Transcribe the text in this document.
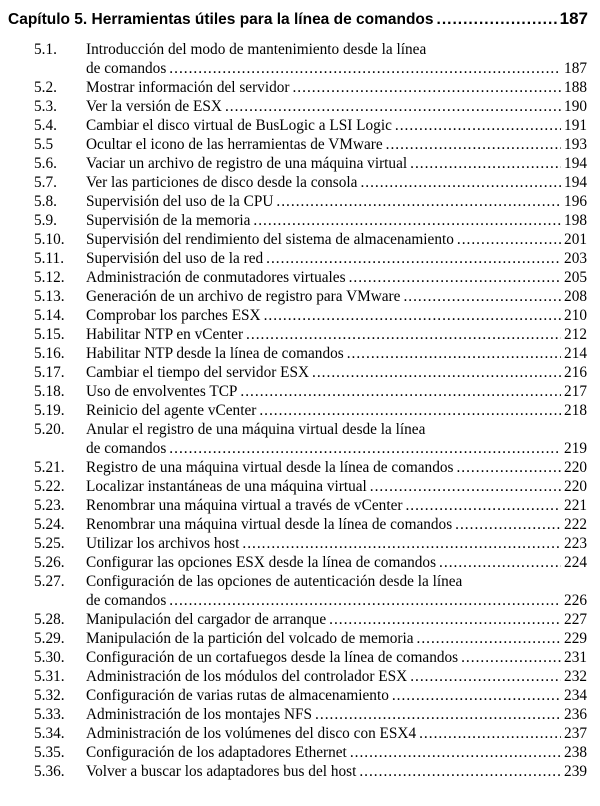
Capítulo 5. Herramientas útiles para la línea de comandos .....	187
5.1.	Introducción del modo de mantenimiento desde la línea
de comandos .....	187
5.2.	Mostrar información del servidor .....	188
5.3.	Ver la versión de ESX .....	190
5.4.	Cambiar el disco virtual de BusLogic a LSI Logic .....	191
5.5	Ocultar el icono de las herramientas de VMware .....	193
5.6.	Vaciar un archivo de registro de una máquina virtual .....	194
5.7.	Ver las particiones de disco desde la consola .....	194
5.8.	Supervisión del uso de la CPU .....	196
5.9.	Supervisión de la memoria .....	198
5.10.	Supervisión del rendimiento del sistema de almacenamiento .....	201
5.11.	Supervisión del uso de la red .....	203
5.12.	Administración de conmutadores virtuales .....	205
5.13.	Generación de un archivo de registro para VMware .....	208
5.14.	Comprobar los parches ESX .....	210
5.15.	Habilitar NTP en vCenter .....	212
5.16.	Habilitar NTP desde la línea de comandos .....	214
5.17.	Cambiar el tiempo del servidor ESX .....	216
5.18.	Uso de envolventes TCP .....	217
5.19.	Reinicio del agente vCenter .....	218
5.20.	Anular el registro de una máquina virtual desde la línea
de comandos .....	219
5.21.	Registro de una máquina virtual desde la línea de comandos .....	220
5.22.	Localizar instantáneas de una máquina virtual .....	220
5.23.	Renombrar una máquina virtual a través de vCenter .....	221
5.24.	Renombrar una máquina virtual desde la línea de comandos .....	222
5.25.	Utilizar los archivos host .....	223
5.26.	Configurar las opciones ESX desde la línea de comandos .....	224
5.27.	Configuración de las opciones de autenticación desde la línea
de comandos .....	226
5.28.	Manipulación del cargador de arranque .....	227
5.29.	Manipulación de la partición del volcado de memoria .....	229
5.30.	Configuración de un cortafuegos desde la línea de comandos .....	231
5.31.	Administración de los módulos del controlador ESX .....	232
5.32.	Configuración de varias rutas de almacenamiento .....	234
5.33.	Administración de los montajes NFS .....	236
5.34.	Administración de los volúmenes del disco con ESX4 .....	237
5.35.	Configuración de los adaptadores Ethernet .....	238
5.36.	Volver a buscar los adaptadores bus del host .....	239
